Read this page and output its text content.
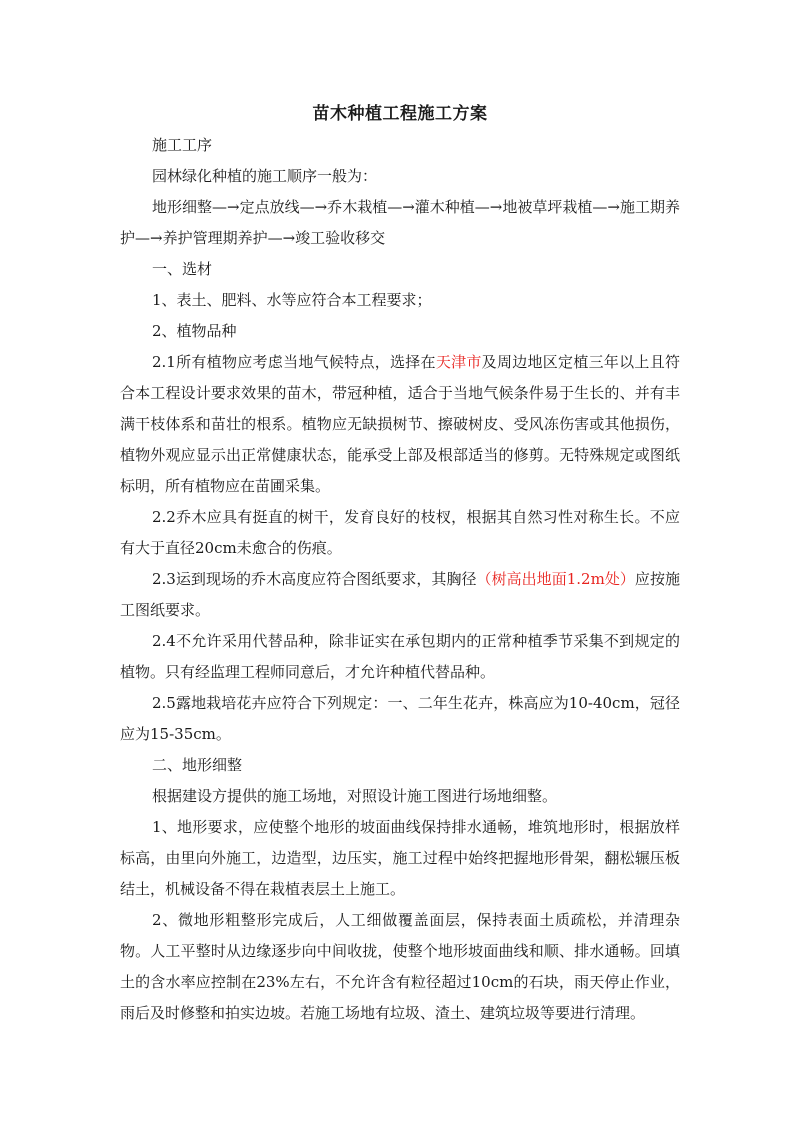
苗木种植工程施工方案

施工工序

园林绿化种植的施工顺序一般为：

地形细整—→定点放线—→乔木栽植—→灌木种植—→地被草坪栽植—→施工期养护—→养护管理期养护—→竣工验收移交

一、选材

1、表土、肥料、水等应符合本工程要求；

2、植物品种

2.1所有植物应考虑当地气候特点，选择在天津市及周边地区定植三年以上且符合本工程设计要求效果的苗木，带冠种植，适合于当地气候条件易于生长的、并有丰满干枝体系和苗壮的根系。植物应无缺损树节、擦破树皮、受风冻伤害或其他损伤，植物外观应显示出正常健康状态，能承受上部及根部适当的修剪。无特殊规定或图纸标明，所有植物应在苗圃采集。

2.2乔木应具有挺直的树干，发育良好的枝杈，根据其自然习性对称生长。不应有大于直径20cm未愈合的伤痕。

2.3运到现场的乔木高度应符合图纸要求，其胸径（树高出地面1.2m处）应按施工图纸要求。

2.4不允许采用代替品种，除非证实在承包期内的正常种植季节采集不到规定的植物。只有经监理工程师同意后，才允许种植代替品种。

2.5露地栽培花卉应符合下列规定：一、二年生花卉，株高应为10-40cm，冠径应为15-35cm。

二、地形细整

根据建设方提供的施工场地，对照设计施工图进行场地细整。

1、地形要求，应使整个地形的坡面曲线保持排水通畅，堆筑地形时，根据放样标高，由里向外施工，边造型，边压实，施工过程中始终把握地形骨架，翻松辗压板结土，机械设备不得在栽植表层土上施工。

2、微地形粗整形完成后，人工细做覆盖面层，保持表面土质疏松，并清理杂物。人工平整时从边缘逐步向中间收拢，使整个地形坡面曲线和顺、排水通畅。回填土的含水率应控制在23%左右，不允许含有粒径超过10cm的石块，雨天停止作业，雨后及时修整和拍实边坡。若施工场地有垃圾、渣土、建筑垃圾等要进行清理。
